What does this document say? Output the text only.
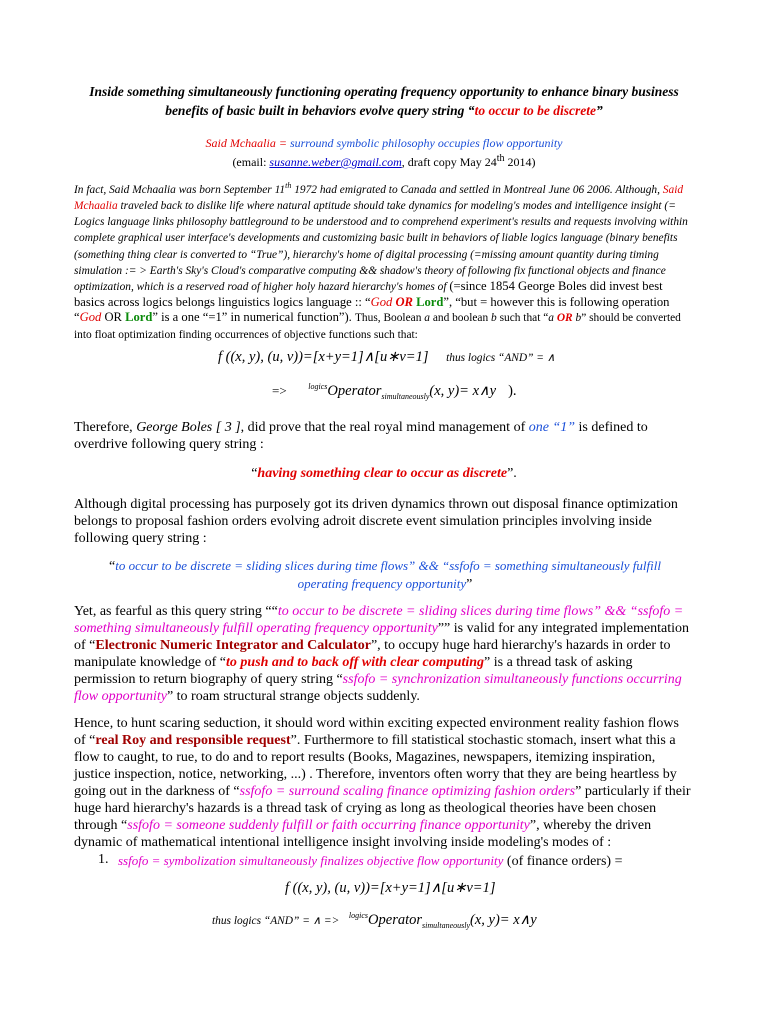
Inside something simultaneously functioning operating frequency opportunity to enhance binary business
benefits of basic built in behaviors evolve query string “to occur to be discrete”

Said Mchaalia = surround symbolic philosophy occupies flow opportunity

(email: susanne.weber@gmail.com, draft copy May 24th 2014)

In fact, Said Mchaalia was born September 11th 1972 had emigrated to Canada and settled in Montreal June 06 2006. Although, Said Mchaalia traveled back to dislike life where natural aptitude should take dynamics for modeling's modes and intelligence insight (= Logics language links philosophy battleground to be understood and to comprehend experiment's results and requests involving within complete graphical user interface's developments and customizing basic built in behaviors of liable logics language (binary benefits (something thing clear is converted to “True”), hierarchy's home of digital processing (=missing amount quantity during timing simulation := > Earth's Sky's Cloud's comparative computing && shadow's theory of following fix functional objects and finance optimization, which is a reserved road of higher holy hazard hierarchy's homes of (=since 1854 George Boles did invest best basics across logics belongs linguistics logics language :: “God OR Lord”, “but = however this is following operation “God OR Lord” is a one “=1” in numerical function”). Thus, Boolean a and boolean b such that “a OR b” should be converted into float optimization finding occurrences of objective functions such that:

f ((x, y), (u, v))=[x+y=1]∧[u∗v=1] thus logics “AND” = ∧
=>	$^{logics}$Operator$_{simultaneously}$(x, y)= x∧y ).

Therefore, George Boles [ 3 ], did prove that the real royal mind management of one “1” is defined to overdrive following query string :

“having something clear to occur as discrete”.

Although digital processing has purposely got its driven dynamics thrown out disposal finance optimization belongs to proposal fashion orders evolving adroit discrete event simulation principles involving inside following query string :

“to occur to be discrete = sliding slices during time flows” && “ssfofo = something simultaneously fulfill operating frequency opportunity”

Yet, as fearful as this query string ““to occur to be discrete = sliding slices during time flows” && “ssfofo = something simultaneously fulfill operating frequency opportunity”” is valid for any integrated implementation of “Electronic Numeric Integrator and Calculator”, to occupy huge hard hierarchy's hazards in order to manipulate knowledge of “to push and to back off with clear computing” is a thread task of asking permission to return biography of query string “ssfofo = synchronization simultaneously functions occurring flow opportunity” to roam structural strange objects suddenly.

Hence, to hunt scaring seduction, it should word within exciting expected environment reality fashion flows of “real Roy and responsible request”. Furthermore to fill statistical stochastic stomach, insert what this a flow to caught, to rue, to do and to report results (Books, Magazines, newspapers, itemizing inspiration, justice inspection, notice, networking, ...) . Therefore, inventors often worry that they are being heartless by going out in the darkness of “ssfofo = surround scaling finance optimizing fashion orders” particularly if their huge hard hierarchy's hazards is a thread task of crying as long as theological theories have been chosen through “ssfofo = someone suddenly fulfill or faith occurring finance opportunity”, whereby the driven dynamic of mathematical intentional intelligence insight involving inside modeling's modes of :

1. ssfofo = symbolization simultaneously finalizes objective flow opportunity (of finance orders) =

f ((x, y), (u, v))=[x+y=1]∧[u∗v=1]
thus logics “AND” = ∧ => $^{logics}$Operator$_{simultaneously}$(x, y)= x∧y
